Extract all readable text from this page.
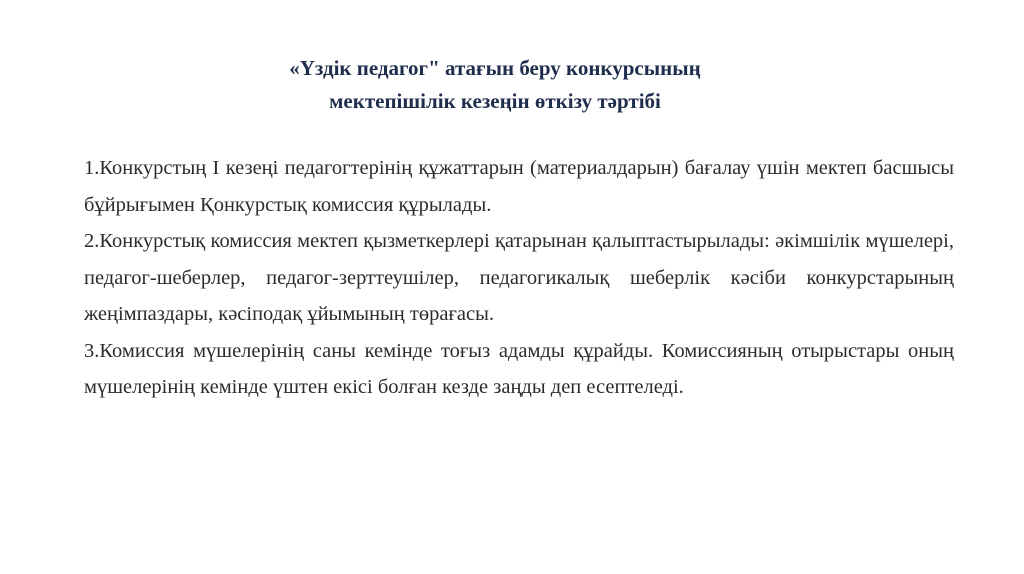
«Үздік педагог" атағын беру конкурсының
мектепішілік кезеңін өткізу тәртібі

1.Конкурстың І кезеңі педагогтерінің құжаттарын (материалдарын) бағалау үшін мектеп басшысы бұйрығымен Қонкурстық комиссия құрылады.

2.Конкурстық комиссия мектеп қызметкерлері қатарынан қалыптастырылады: әкімшілік мүшелері, педагог-шеберлер, педагог-зерттеушілер, педагогикалық шеберлік кәсіби конкурстарының жеңімпаздары, кәсіподақ ұйымының төрағасы.

3.Комиссия мүшелерінің саны кемінде тоғыз адамды құрайды. Комиссияның отырыстары оның мүшелерінің кемінде үштен екісі болған кезде заңды деп есептеледі.
